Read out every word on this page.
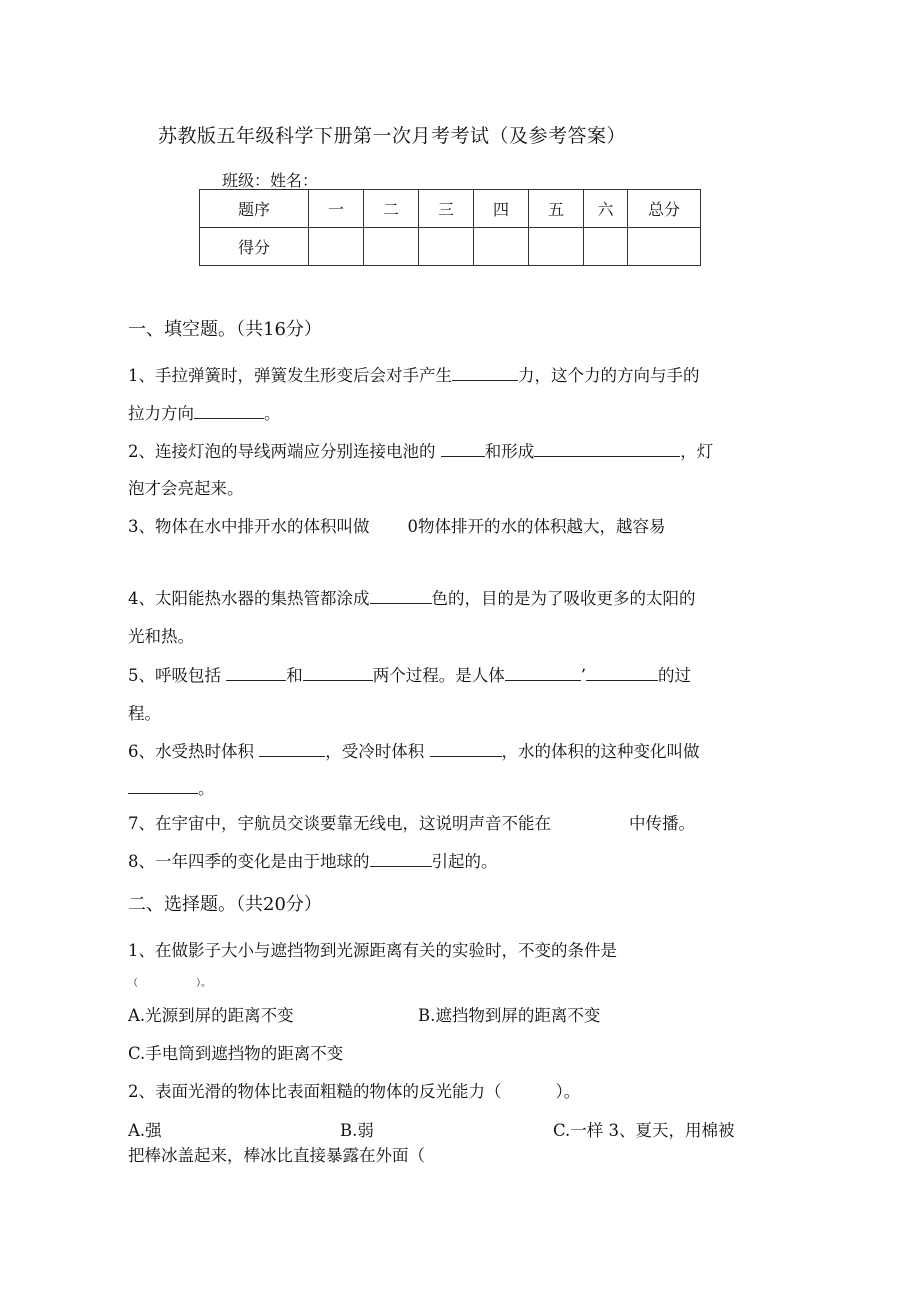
苏教版五年级科学下册第一次月考考试（及参考答案）
班级：姓名：
题序	一	二	三	四	五	六	总分
得分							
一、填空题。（共16分）
1、手拉弹簧时，弹簧发生形变后会对手产生	力，这个力的方向与手的
拉力方向	。
2、连接灯泡的导线两端应分别连接电池的	和形成	，灯
泡才会亮起来。
3、物体在水中排开水的体积叫做 0物体排开的水的体积越大，越容易
4、太阳能热水器的集热管都涂成	色的，目的是为了吸收更多的太阳的
光和热。
5、呼吸包括	和	两个过程。是人体	’	的过
程。
6、水受热时体积	，受冷时体积	，水的体积的这种变化叫做
。
7、在宇宙中，宇航员交谈要靠无线电，这说明声音不能在	中传播。
8、一年四季的变化是由于地球的	引起的。
二、选择题。（共20分）
1、在做影子大小与遮挡物到光源距离有关的实验时，不变的条件是
（	）。
A.光源到屏的距离不变	B.遮挡物到屏的距离不变
C.手电筒到遮挡物的距离不变
2、表面光滑的物体比表面粗糙的物体的反光能力（	）。
A.强	B.弱	C.一样 3、夏天，用棉被
把棒冰盖起来，棒冰比直接暴露在外面（
